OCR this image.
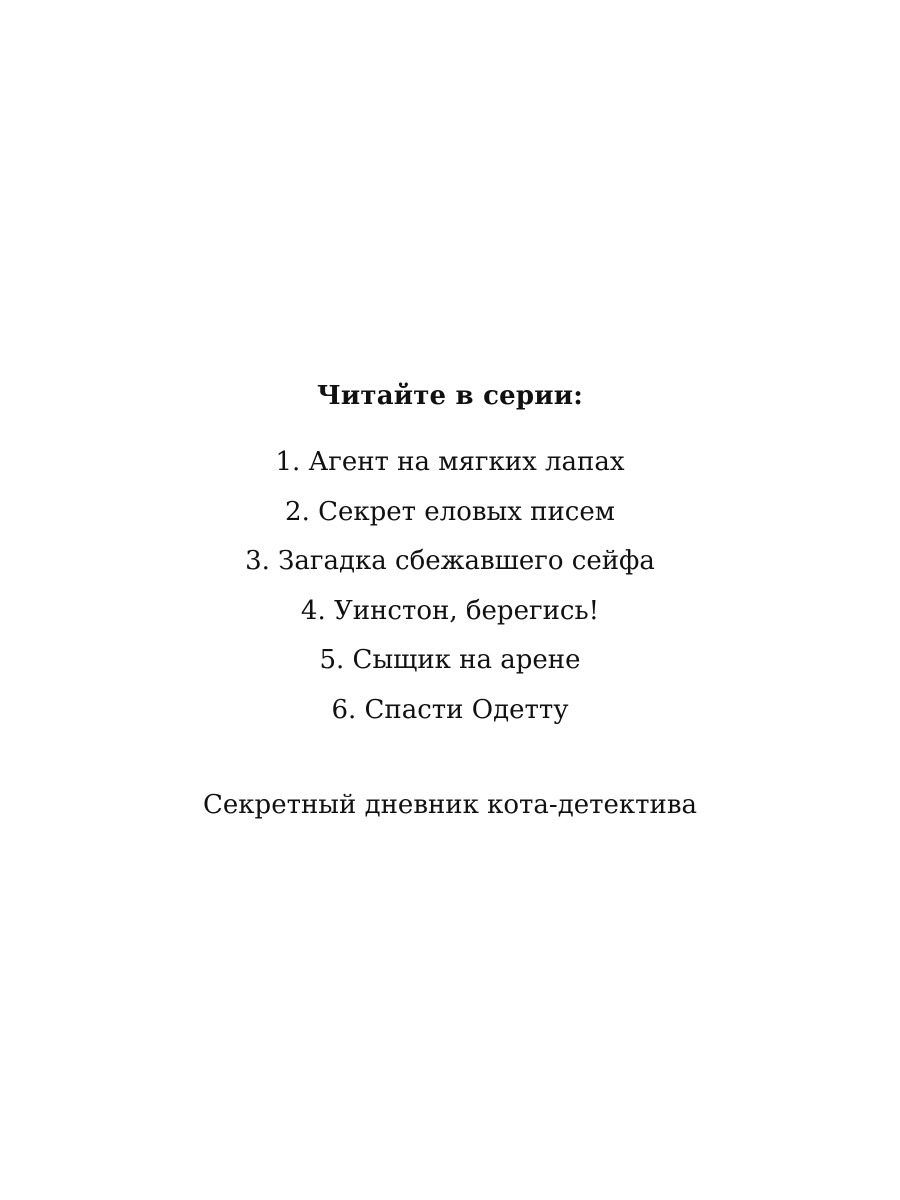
Читайте в серии:
1. Агент на мягких лапах
2. Секрет еловых писем
3. Загадка сбежавшего сейфа
4. Уинстон, берегись!
5. Сыщик на арене
6. Спасти Одетту
Секретный дневник кота-детектива
